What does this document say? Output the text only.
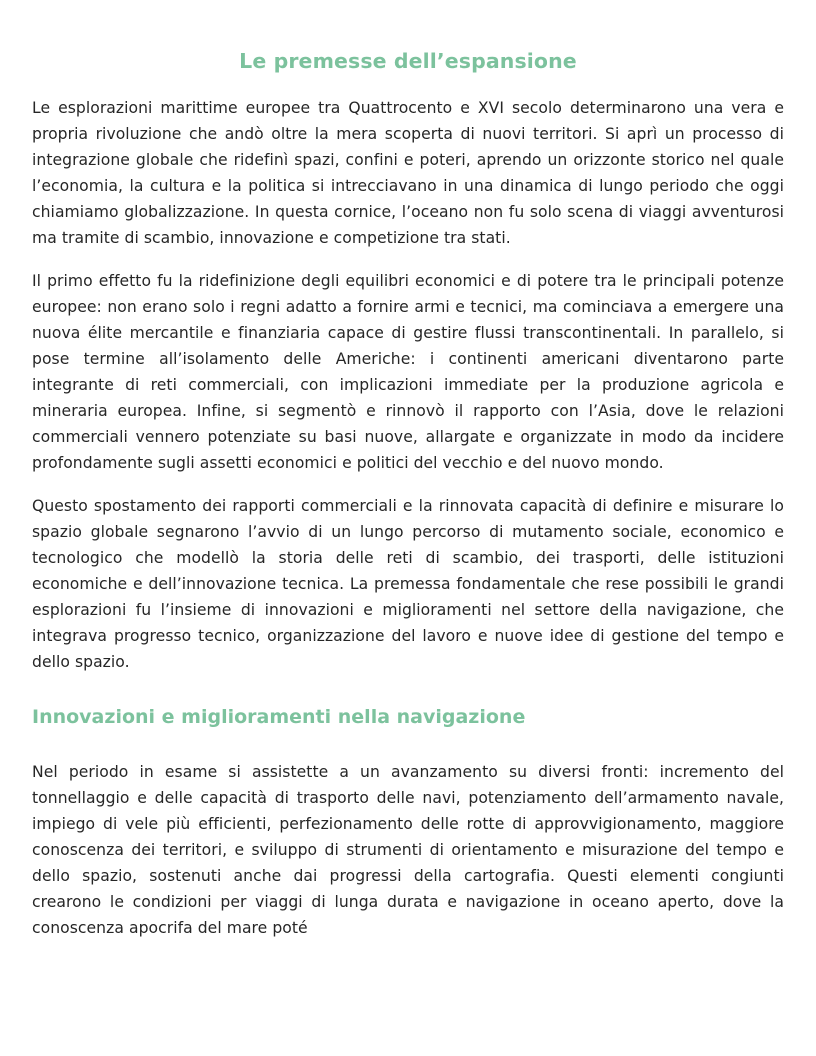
Le premesse dell’espansione

Le esplorazioni marittime europee tra Quattrocento e XVI secolo determinarono una vera e propria rivoluzione che andò oltre la mera scoperta di nuovi territori. Si aprì un processo di integrazione globale che ridefinì spazi, confini e poteri, aprendo un orizzonte storico nel quale l’economia, la cultura e la politica si intrecciavano in una dinamica di lungo periodo che oggi chiamiamo globalizzazione. In questa cornice, l’oceano non fu solo scena di viaggi avventurosi ma tramite di scambio, innovazione e competizione tra stati.

Il primo effetto fu la ridefinizione degli equilibri economici e di potere tra le principali potenze europee: non erano solo i regni adatto a fornire armi e tecnici, ma cominciava a emergere una nuova élite mercantile e finanziaria capace di gestire flussi transcontinentali. In parallelo, si pose termine all’isolamento delle Americhe: i continenti americani diventarono parte integrante di reti commerciali, con implicazioni immediate per la produzione agricola e mineraria europea. Infine, si segmentò e rinnovò il rapporto con l’Asia, dove le relazioni commerciali vennero potenziate su basi nuove, allargate e organizzate in modo da incidere profondamente sugli assetti economici e politici del vecchio e del nuovo mondo.

Questo spostamento dei rapporti commerciali e la rinnovata capacità di definire e misurare lo spazio globale segnarono l’avvio di un lungo percorso di mutamento sociale, economico e tecnologico che modellò la storia delle reti di scambio, dei trasporti, delle istituzioni economiche e dell’innovazione tecnica. La premessa fondamentale che rese possibili le grandi esplorazioni fu l’insieme di innovazioni e miglioramenti nel settore della navigazione, che integrava progresso tecnico, organizzazione del lavoro e nuove idee di gestione del tempo e dello spazio.

Innovazioni e miglioramenti nella navigazione

Nel periodo in esame si assistette a un avanzamento su diversi fronti: incremento del tonnellaggio e delle capacità di trasporto delle navi, potenziamento dell’armamento navale, impiego di vele più efficienti, perfezionamento delle rotte di approvvigionamento, maggiore conoscenza dei territori, e sviluppo di strumenti di orientamento e misurazione del tempo e dello spazio, sostenuti anche dai progressi della cartografia. Questi elementi congiunti crearono le condizioni per viaggi di lunga durata e navigazione in oceano aperto, dove la conoscenza apocrifa del mare poté
